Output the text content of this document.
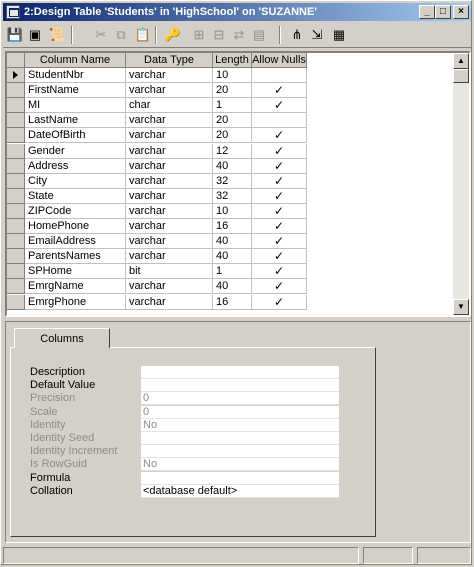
2:Design Table 'Students' in 'HighSchool' on 'SUZANNE'	_	□	×
💾 ▣ 📜	✂ ⧉ 📋 🔑 ⊞ ⊟ ⇄ ▤	⋔ ⇲ ▦
▲
▼
Column Name	Data Type	Length Allow Nulls
StudentNbr	varchar	10
FirstName	varchar	20	✓
MI	char	1	✓
LastName	varchar	20
DateOfBirth	varchar	20	✓
Gender	varchar	12	✓
Address	varchar	40	✓
City	varchar	32	✓
State	varchar	32	✓
ZIPCode	varchar	10	✓
HomePhone	varchar	16	✓
EmailAddress	varchar	40	✓
ParentsNames	varchar	40	✓
SPHome	bit	1	✓
EmrgName	varchar	40	✓
EmrgPhone	varchar	16	✓
Columns
Description
Default Value
Precision	0
Scale	0
Identity	No
Identity Seed
Identity Increment
Is RowGuid	No
Formula
Collation	<database default>
